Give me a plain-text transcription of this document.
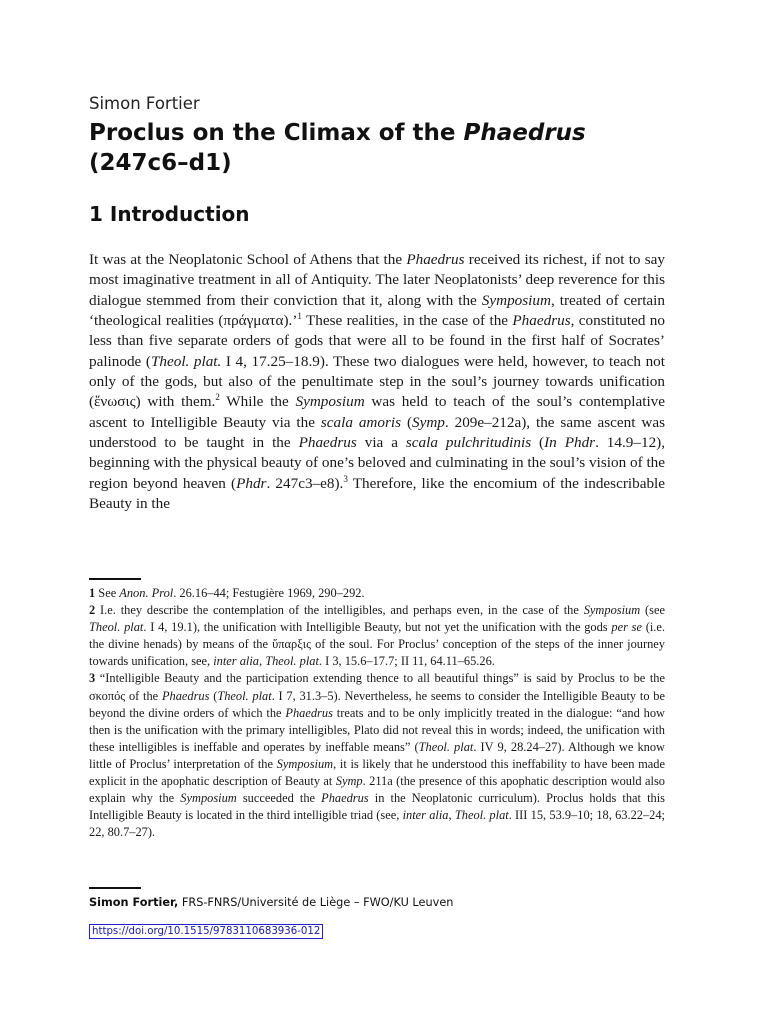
Simon Fortier
Proclus on the Climax of the Phaedrus
(247c6–d1)
1 Introduction

It was at the Neoplatonic School of Athens that the Phaedrus received its richest, if not to say most imaginative treatment in all of Antiquity. The later Neoplatonists’ deep reverence for this dialogue stemmed from their conviction that it, along with the Symposium, treated of certain ‘theological realities (πράγματα).’$^1$ These realities, in the case of the Phaedrus, constituted no less than five separate orders of gods that were all to be found in the first half of Socrates’ palinode (Theol. plat. I 4, 17.25–18.9). These two dialogues were held, however, to teach not only of the gods, but also of the penultimate step in the soul’s journey towards unification (ἕνωσις) with them.$^2$ While the Symposium was held to teach of the soul’s contemplative ascent to Intelligible Beauty via the scala amoris (Symp. 209e–212a), the same ascent was understood to be taught in the Phaedrus via a scala pulchritudinis (In Phdr. 14.9–12), beginning with the physical beauty of one’s beloved and culminating in the soul’s vision of the region beyond heaven (Phdr. 247c3–e8).$^3$ Therefore, like the encomium of the indescribable Beauty in the

1 See Anon. Prol. 26.16–44; Festugière 1969, 290–292.

2 I.e. they describe the contemplation of the intelligibles, and perhaps even, in the case of the Symposium (see Theol. plat. I 4, 19.1), the unification with Intelligible Beauty, but not yet the unification with the gods per se (i.e. the divine henads) by means of the ὕπαρξις of the soul. For Proclus’ conception of the steps of the inner journey towards unification, see, inter alia, Theol. plat. I 3, 15.6–17.7; II 11, 64.11–65.26.

3 “Intelligible Beauty and the participation extending thence to all beautiful things” is said by Proclus to be the σκοπός of the Phaedrus (Theol. plat. I 7, 31.3–5). Nevertheless, he seems to consider the Intelligible Beauty to be beyond the divine orders of which the Phaedrus treats and to be only implicitly treated in the dialogue: “and how then is the unification with the primary intelligibles, Plato did not reveal this in words; indeed, the unification with these intelligibles is ineffable and operates by ineffable means” (Theol. plat. IV 9, 28.24–27). Although we know little of Proclus’ interpretation of the Symposium, it is likely that he understood this ineffability to have been made explicit in the apophatic description of Beauty at Symp. 211a (the presence of this apophatic description would also explain why the Symposium succeeded the Phaedrus in the Neoplatonic curriculum). Proclus holds that this Intelligible Beauty is located in the third intelligible triad (see, inter alia, Theol. plat. III 15, 53.9–10; 18, 63.22–24; 22, 80.7–27).

Simon Fortier, FRS-FNRS/Université de Liège – FWO/KU Leuven
https://doi.org/10.1515/9783110683936-012
